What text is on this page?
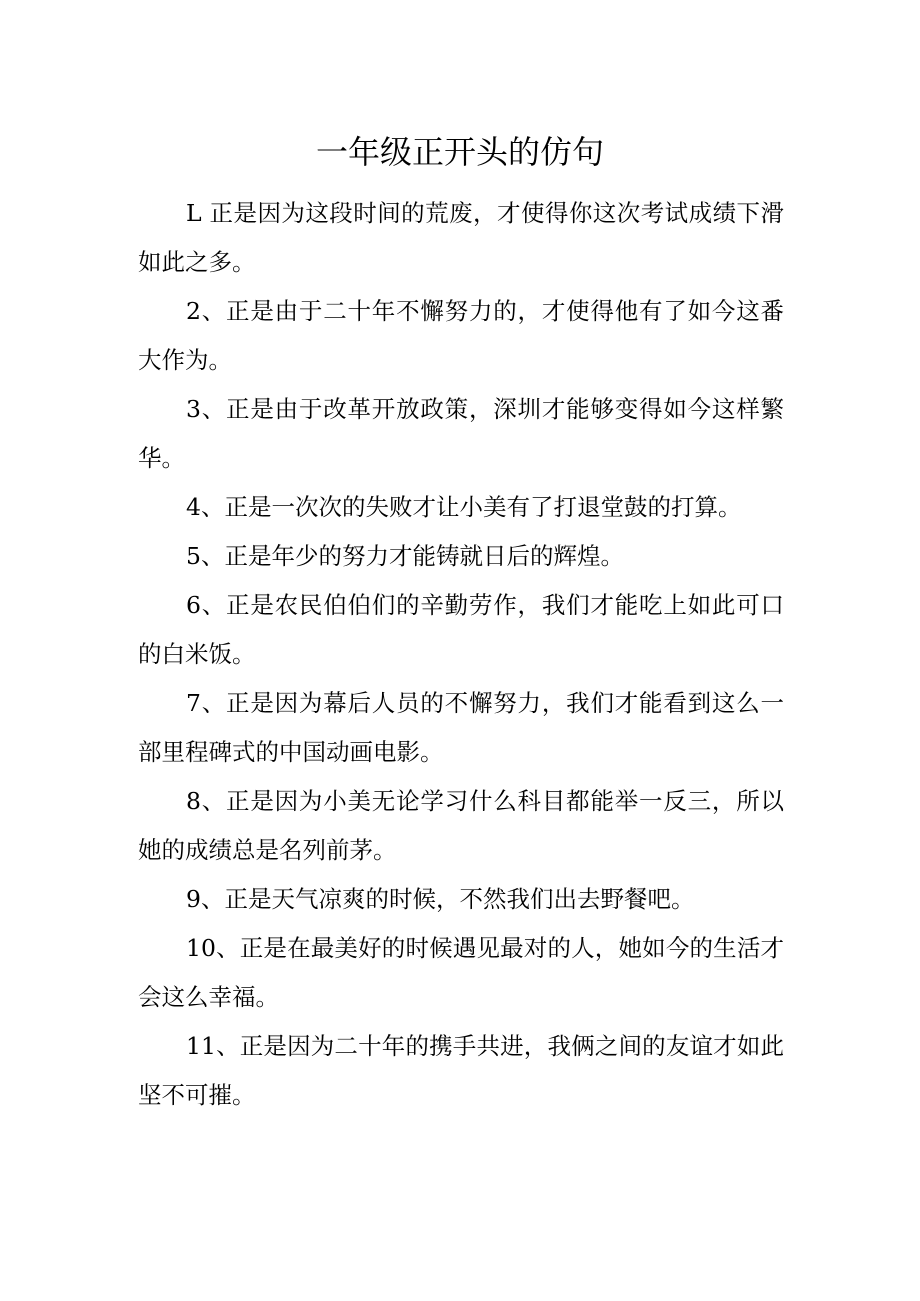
一年级正开头的仿句

L 正是因为这段时间的荒废，才使得你这次考试成绩下滑如此之多。

2、正是由于二十年不懈努力的，才使得他有了如今这番大作为。

3、正是由于改革开放政策，深圳才能够变得如今这样繁华。

4、正是一次次的失败才让小美有了打退堂鼓的打算。

5、正是年少的努力才能铸就日后的辉煌。

6、正是农民伯伯们的辛勤劳作，我们才能吃上如此可口的白米饭。

7、正是因为幕后人员的不懈努力，我们才能看到这么一部里程碑式的中国动画电影。

8、正是因为小美无论学习什么科目都能举一反三，所以她的成绩总是名列前茅。

9、正是天气凉爽的时候，不然我们出去野餐吧。

10、正是在最美好的时候遇见最对的人，她如今的生活才会这么幸福。

11、正是因为二十年的携手共进，我俩之间的友谊才如此坚不可摧。
